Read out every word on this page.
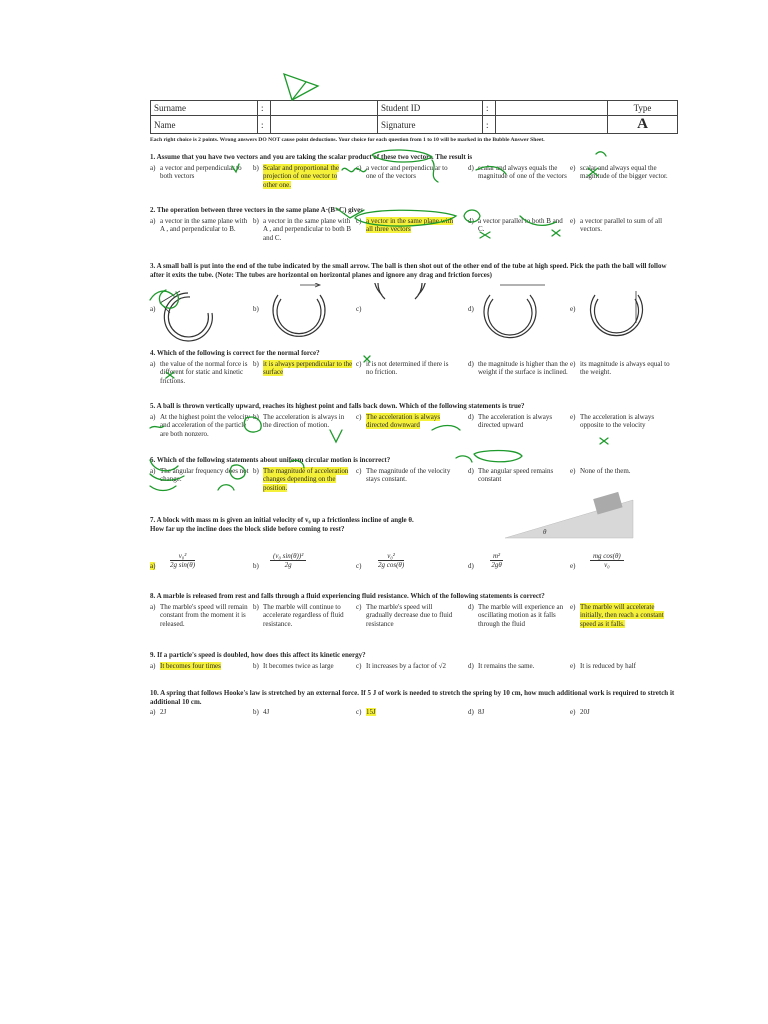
Surname	:		Student ID	:		Type
Name	:		Signature	:		A
Each right choice is 2 points. Wrong answers DO NOT cause point deductions. Your choice for each question from 1 to 10 will be marked in the Bubble Answer Sheet.
1. Assume that you have two vectors and you are taking the scalar product of these two vectors. The result is
a) a vector and perpendicular to both vectors
b) Scalar and proportional the projection of one vector to other one.
c) a vector and perpendicular to one of the vectors
d) scalar and always equals the magnitude of one of the vectors
e) scalar and always equal the magnitude of the bigger vector.
2. The operation between three vectors in the same plane A·(B×C) gives
a) a vector in the same plane with A , and perpendicular to B.
b) a vector in the same plane with A , and perpendicular to both B and C.
c) a vector in the same plane with all three vectors
d) a vector parallel to both B and C.
e) a vector parallel to sum of all vectors.
3. A small ball is put into the end of the tube indicated by the small arrow. The ball is then shot out of the other end of the tube at high speed. Pick the path the ball will follow after it exits the tube. (Note: The tubes are horizontal on horizontal planes and ignore any drag and friction forces)
a)	b)	c)	d)	e)
4. Which of the following is correct for the normal force?
a) the value of the normal force is different for static and kinetic frictions.
b) it is always perpendicular to the surface
c) it is not determined if there is no friction.
d) the magnitude is higher than the weight if the surface is inclined.
e) its magnitude is always equal to the weight.
5. A ball is thrown vertically upward, reaches its highest point and falls back down. Which of the following statements is true?
a) At the highest point the velocity and acceleration of the particle are both nonzero.
b) The acceleration is always in the direction of motion.
c) The acceleration is always directed downward
d) The acceleration is always directed upward
e) The acceleration is always opposite to the velocity
6. Which of the following statements about uniform circular motion is incorrect?
a) The angular frequency does not change.
b) The magnitude of acceleration changes depending on the position.
c) The magnitude of the velocity stays constant.
d) The angular speed remains constant
e) None of the them.
7. A block with mass m is given an initial velocity of v₀ up a frictionless incline of angle θ.
How far up the incline does the block slide before coming to rest?	θ
$a) \frac{\text{v₀²}}{\text{2g sin(θ)}}$	$b) \frac{\text{(v₀ sin(θ))²}}{2g}$	$c) \frac{\text{v₀²}}{\text{2g cos(θ)}}$	$d) \frac{\text{m²}}{2g\theta}$	$e) \frac{\text{mg cos(θ)}}{\text{v₀}}$
8. A marble is released from rest and falls through a fluid experiencing fluid resistance. Which of the following statements is correct?
a) The marble's speed will remain constant from the moment it is released.
b) The marble will continue to accelerate regardless of fluid resistance.
c) The marble's speed will gradually decrease due to fluid resistance
d) The marble will experience an oscillating motion as it falls through the fluid
e) The marble will accelerate initially, then reach a constant speed as it falls.
9. If a particle's speed is doubled, how does this affect its kinetic energy?
a) It becomes four times	b) It becomes twice as large	c) It increases by a factor of √2	d) It remains the same.	e) It is reduced by half
10. A spring that follows Hooke's law is stretched by an external force. If 5 J of work is needed to stretch the spring by 10 cm, how much additional work is required to stretch it additional 10 cm.
a) 2J	b) 4J	c) 15J	d) 8J	e) 20J
